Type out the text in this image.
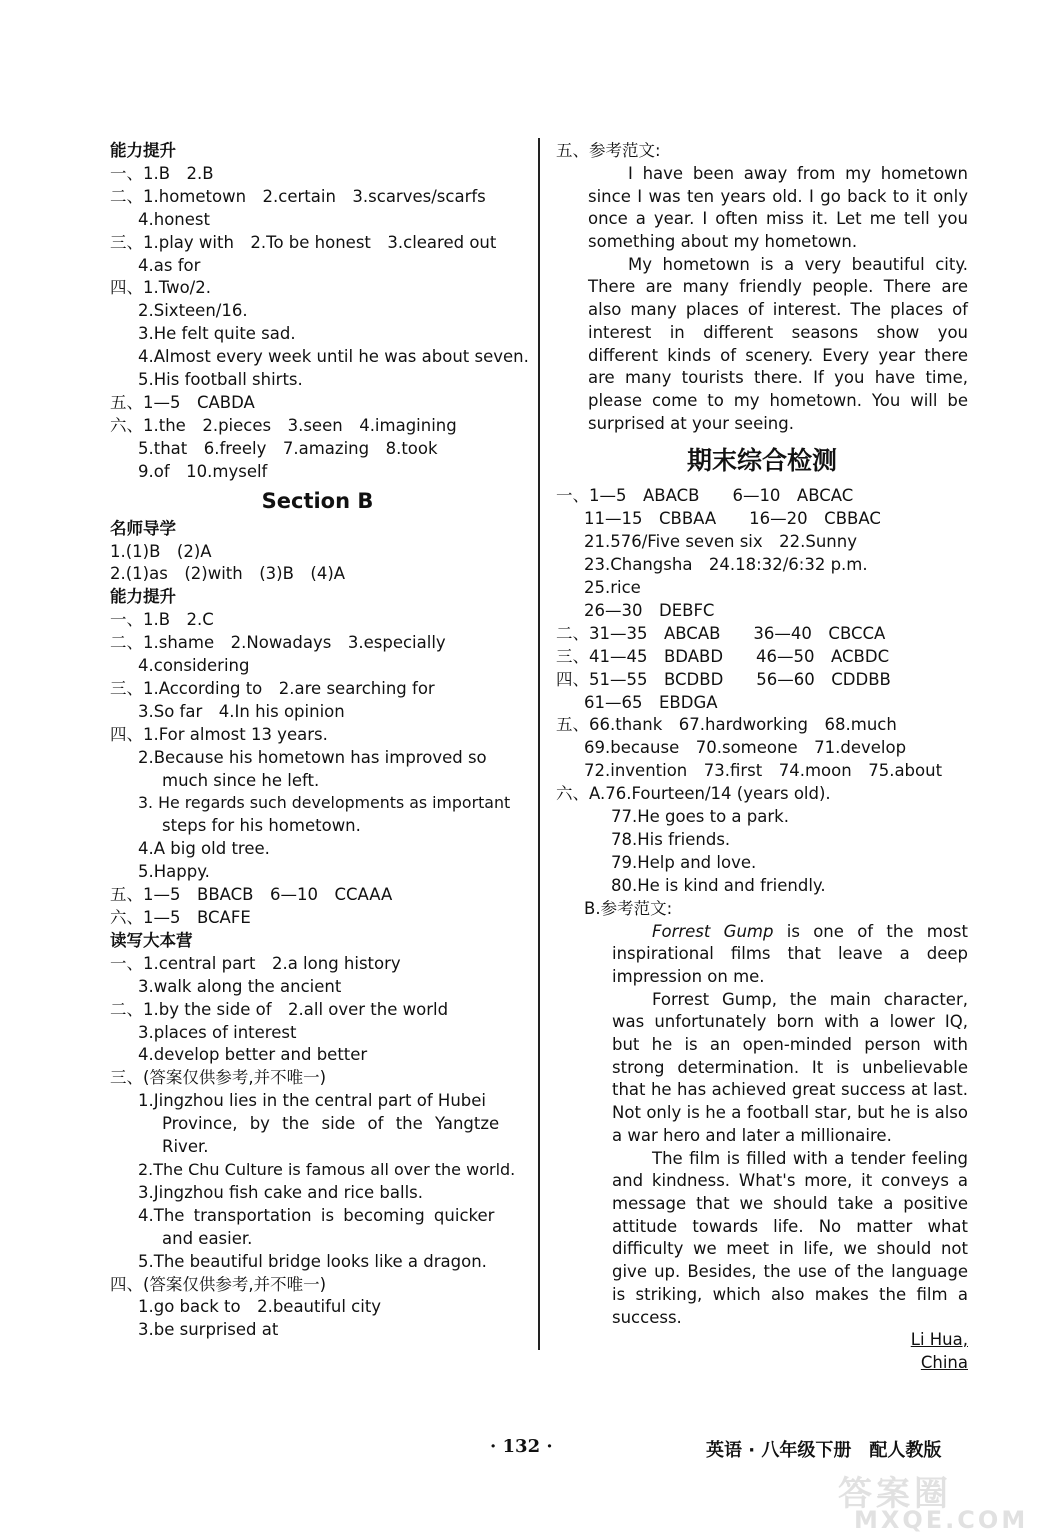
能力提升
一、1.B　2.B
二、1.hometown　2.certain　3.scarves/scarfs
4.honest
三、1.play with　2.To be honest　3.cleared out
4.as for
四、1.Two/2.
2.Sixteen/16.
3.He felt quite sad.
4.Almost every week until he was about seven.
5.His football shirts.
五、1—5　CABDA
六、1.the　2.pieces　3.seen　4.imagining
5.that　6.freely　7.amazing　8.took
9.of　10.myself
Section B
名师导学
1.(1)B　(2)A
2.(1)as　(2)with　(3)B　(4)A
能力提升
一、1.B　2.C
二、1.shame　2.Nowadays　3.especially
4.considering
三、1.According to　2.are searching for
3.So far　4.In his opinion
四、1.For almost 13 years.
2.Because his hometown has improved so
much since he left.
3. He regards such developments as important
steps for his hometown.
4.A big old tree.
5.Happy.
五、1—5　BBACB　6—10　CCAAA
六、1—5　BCAFE
读写大本营
一、1.central part　2.a long history
3.walk along the ancient
二、1.by the side of　2.all over the world
3.places of interest
4.develop better and better
三、(答案仅供参考,并不唯一)
1.Jingzhou lies in the central part of Hubei
Province, by the side of the Yangtze
River.
2.The Chu Culture is famous all over the world.
3.Jingzhou fish cake and rice balls.
4.The transportation is becoming quicker
and easier.
5.The beautiful bridge looks like a dragon.
四、(答案仅供参考,并不唯一)
1.go back to　2.beautiful city
3.be surprised at
五、参考范文:

I have been away from my hometown since I was ten years old. I go back to it only once a year. I often miss it. Let me tell you something about my hometown.

My hometown is a very beautiful city. There are many friendly people. There are also many places of interest. The places of interest in different seasons show you different kinds of scenery. Every year there are many tourists there. If you have time, please come to my hometown. You will be surprised at your seeing.

期末综合检测
一、1—5　ABACB　　6—10　ABCAC
11—15　CBBAA　　16—20　CBBAC
21.576/Five seven six　22.Sunny
23.Changsha　24.18:32/6:32 p.m.
25.rice
26—30　DEBFC
二、31—35　ABCAB　　36—40　CBCCA
三、41—45　BDABD　　46—50　ACBDC
四、51—55　BCDBD　　56—60　CDDBB
61—65　EBDGA
五、66.thank　67.hardworking　68.much
69.because　70.someone　71.develop
72.invention　73.first　74.moon　75.about
六、A.76.Fourteen/14 (years old).
77.He goes to a park.
78.His friends.
79.Help and love.
80.He is kind and friendly.
B.参考范文:

Forrest Gump is one of the most inspirational films that leave a deep impression on me.

Forrest Gump, the main character, was unfortunately born with a lower IQ, but he is an open-minded person with strong determination. It is unbelievable that he has achieved great success at last. Not only is he a football star, but he is also a war hero and later a millionaire.

The film is filled with a tender feeling and kindness. What's more, it conveys a message that we should take a positive attitude towards life. No matter what difficulty we meet in life, we should not give up. Besides, the use of the language is striking, which also makes the film a success.

Li Hua,
China
· 132 ·	英语 · 八年级下册　配人教版
答案圈
MXQE.COM
